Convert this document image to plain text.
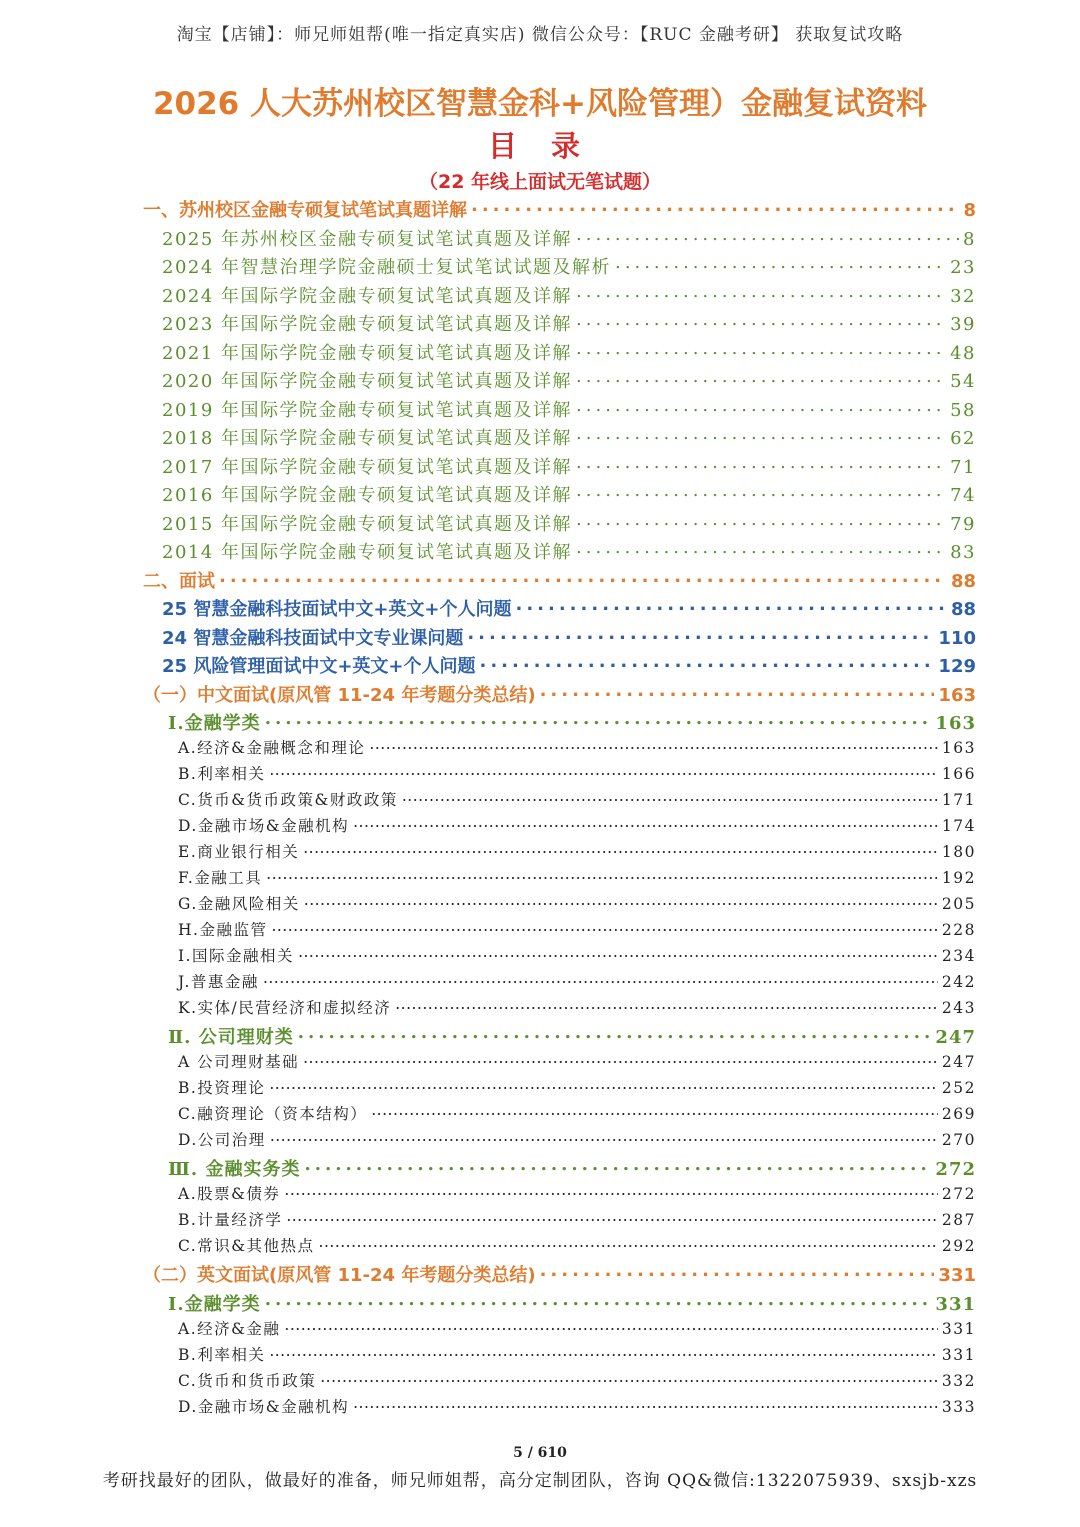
淘宝【店铺】：师兄师姐帮(唯一指定真实店) 微信公众号：【RUC 金融考研】 获取复试攻略
2026 人大苏州校区智慧金科+风险管理）金融复试资料
目 录
（22 年线上面试无笔试题）
一、苏州校区金融专硕复试笔试真题详解 .....	8
2025 年苏州校区金融专硕复试笔试真题及详解 .....	8
2024 年智慧治理学院金融硕士复试笔试试题及解析 .....	23
2024 年国际学院金融专硕复试笔试真题及详解 .....	32
2023 年国际学院金融专硕复试笔试真题及详解 .....	39
2021 年国际学院金融专硕复试笔试真题及详解 .....	48
2020 年国际学院金融专硕复试笔试真题及详解 .....	54
2019 年国际学院金融专硕复试笔试真题及详解 .....	58
2018 年国际学院金融专硕复试笔试真题及详解 .....	62
2017 年国际学院金融专硕复试笔试真题及详解 .....	71
2016 年国际学院金融专硕复试笔试真题及详解 .....	74
2015 年国际学院金融专硕复试笔试真题及详解 .....	79
2014 年国际学院金融专硕复试笔试真题及详解 .....	83
二、面试 .....	88
25 智慧金融科技面试中文+英文+个人问题 .....	88
24 智慧金融科技面试中文专业课问题 .....	110
25 风险管理面试中文+英文+个人问题 .....	129
（一）中文面试(原风管 11-24 年考题分类总结) .....	163
Ⅰ.金融学类 .....	163
A.经济&金融概念和理论 .....	163
B.利率相关 .....	166
C.货币&货币政策&财政政策 .....	171
D.金融市场&金融机构 .....	174
E.商业银行相关 .....	180
F.金融工具 .....	192
G.金融风险相关 .....	205
H.金融监管 .....	228
I.国际金融相关 .....	234
J.普惠金融 .....	242
K.实体/民营经济和虚拟经济 .....	243
Ⅱ. 公司理财类 .....	247
A 公司理财基础 .....	247
B.投资理论 .....	252
C.融资理论（资本结构） .....	269
D.公司治理 .....	270
Ⅲ. 金融实务类 .....	272
A.股票&债券 .....	272
B.计量经济学 .....	287
C.常识&其他热点 .....	292
（二）英文面试(原风管 11-24 年考题分类总结) .....	331
Ⅰ.金融学类 .....	331
A.经济&金融 .....	331
B.利率相关 .....	331
C.货币和货币政策 .....	332
D.金融市场&金融机构 .....	333
5 / 610
考研找最好的团队，做最好的准备，师兄师姐帮，高分定制团队，咨询 QQ&微信:1322075939、sxsjb-xzs
